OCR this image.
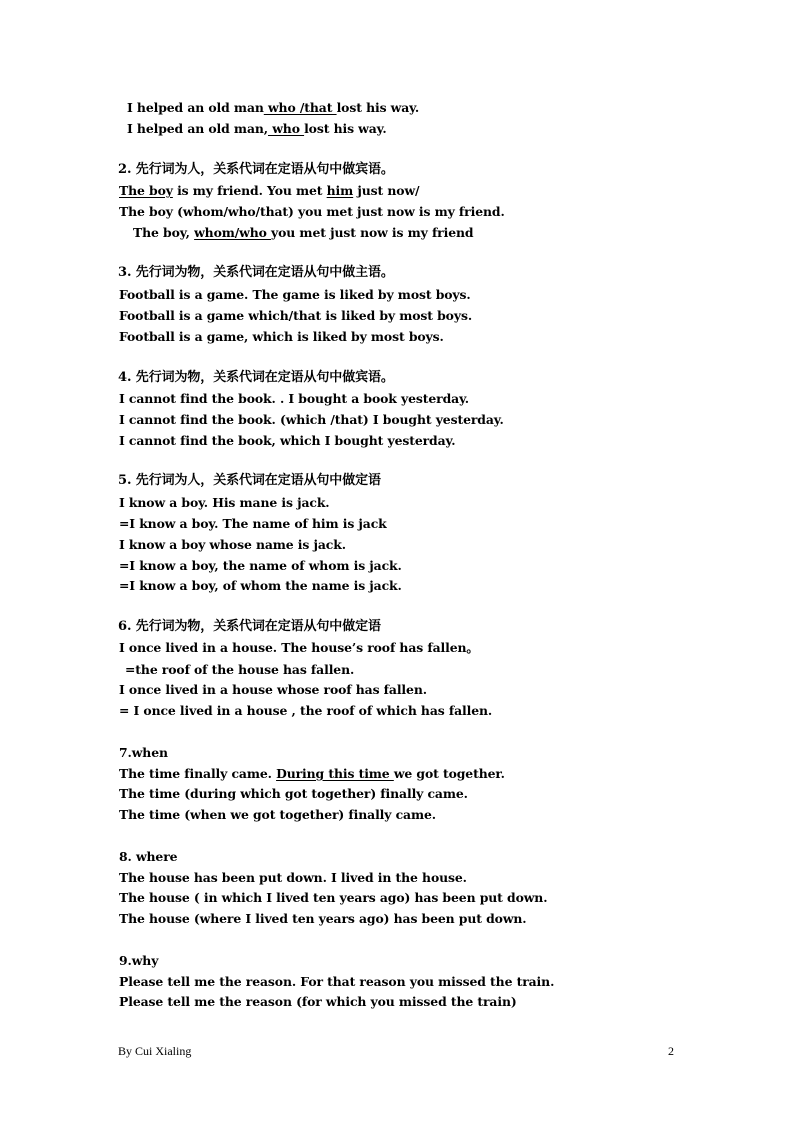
I helped an old man who /that lost his way.
I helped an old man, who lost his way.
2. 先行词为人，关系代词在定语从句中做宾语。
The boy is my friend. You met him just now/
The boy (whom/who/that) you met just now is my friend.
The boy, whom/who you met just now is my friend
3. 先行词为物，关系代词在定语从句中做主语。
Football is a game. The game is liked by most boys.
Football is a game which/that is liked by most boys.
Football is a game, which is liked by most boys.
4. 先行词为物，关系代词在定语从句中做宾语。
I cannot find the book. . I bought a book yesterday.
I cannot find the book. (which /that) I bought yesterday.
I cannot find the book, which I bought yesterday.
5. 先行词为人，关系代词在定语从句中做定语
I know a boy. His mane is jack.
=I know a boy. The name of him is jack
I know a boy whose name is jack.
=I know a boy, the name of whom is jack.
=I know a boy, of whom the name is jack.
6. 先行词为物，关系代词在定语从句中做定语
I once lived in a house. The house’s roof has fallen。
=the roof of the house has fallen.
I once lived in a house whose roof has fallen.
= I once lived in a house , the roof of which has fallen.
7.when
The time finally came. During this time we got together.
The time (during which got together) finally came.
The time (when we got together) finally came.
8. where
The house has been put down. I lived in the house.
The house ( in which I lived ten years ago) has been put down.
The house (where I lived ten years ago) has been put down.
9.why
Please tell me the reason. For that reason you missed the train.
Please tell me the reason (for which you missed the train)
By Cui Xialing	2
